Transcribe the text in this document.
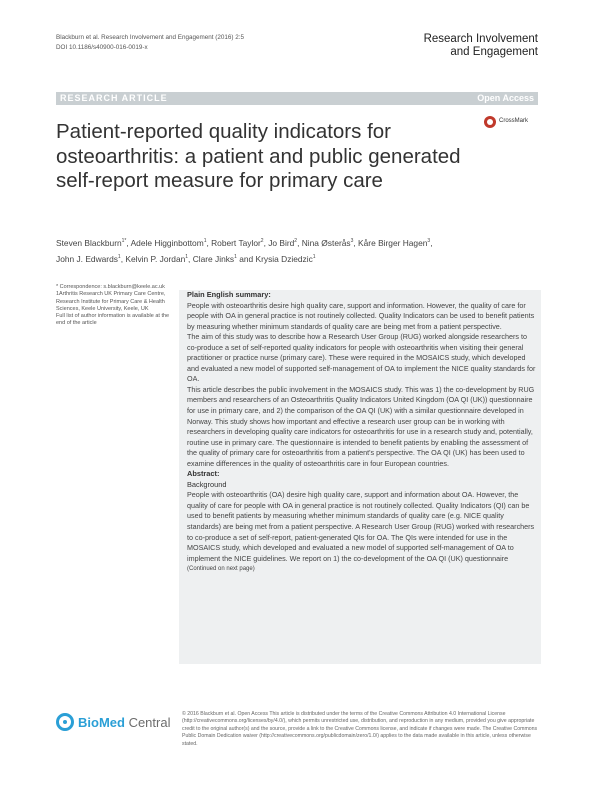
Blackburn et al. Research Involvement and Engagement (2016) 2:5
DOI 10.1186/s40900-016-0019-x
Research Involvement
and Engagement
RESEARCH ARTICLE	Open Access
Patient-reported quality indicators for osteoarthritis: a patient and public generated self-report measure for primary care
CrossMark
Steven Blackburn$^{1*}$, Adele Higginbottom$^1$, Robert Taylor$^2$, Jo Bird$^2$, Nina Østerås$^3$, Kåre Birger Hagen$^3$,
John J. Edwards$^1$, Kelvin P. Jordan$^1$, Clare Jinks$^1$ and Krysia Dziedzic$^1$

* Correspondence: s.blackburn@keele.ac.uk

1Arthritis Research UK Primary Care Centre, Research Institute for Primary Care & Health Sciences, Keele University, Keele, UK

Full list of author information is available at the end of the article

Plain English summary:

People with osteoarthritis desire high quality care, support and information. However, the quality of care for people with OA in general practice is not routinely collected. Quality Indicators can be used to benefit patients by measuring whether minimum standards of quality care are being met from a patient perspective.

The aim of this study was to describe how a Research User Group (RUG) worked alongside researchers to co-produce a set of self-reported quality indicators for people with osteoarthritis when visiting their general practitioner or practice nurse (primary care). These were required in the MOSAICS study, which developed and evaluated a new model of supported self-management of OA to implement the NICE quality standards for OA.

This article describes the public involvement in the MOSAICS study. This was 1) the co-development by RUG members and researchers of an Osteoarthritis Quality Indicators United Kingdom (OA QI (UK)) questionnaire for use in primary care, and 2) the comparison of the OA QI (UK) with a similar questionnaire developed in Norway. This study shows how important and effective a research user group can be in working with researchers in developing quality care indicators for osteoarthritis for use in a research study and, potentially, routine use in primary care. The questionnaire is intended to benefit patients by enabling the assessment of the quality of primary care for osteoarthritis from a patient's perspective. The OA QI (UK) has been used to examine differences in the quality of osteoarthritis care in four European countries.

Abstract:
Background

People with osteoarthritis (OA) desire high quality care, support and information about OA. However, the quality of care for people with OA in general practice is not routinely collected. Quality Indicators (QI) can be used to benefit patients by measuring whether minimum standards of quality care (e.g. NICE quality standards) are being met from a patient perspective. A Research User Group (RUG) worked with researchers to co-produce a set of self-report, patient-generated QIs for OA. The QIs were intended for use in the MOSAICS study, which developed and evaluated a new model of supported self-management of OA to implement the NICE guidelines. We report on 1) the co-development of the OA QI (UK) questionnaire

(Continued on next page)
BioMed Central
© 2016 Blackburn et al. Open Access This article is distributed under the terms of the Creative Commons Attribution 4.0 International License (http://creativecommons.org/licenses/by/4.0/), which permits unrestricted use, distribution, and reproduction in any medium, provided you give appropriate credit to the original author(s) and the source, provide a link to the Creative Commons license, and indicate if changes were made. The Creative Commons Public Domain Dedication waiver (http://creativecommons.org/publicdomain/zero/1.0/) applies to the data made available in this article, unless otherwise stated.
